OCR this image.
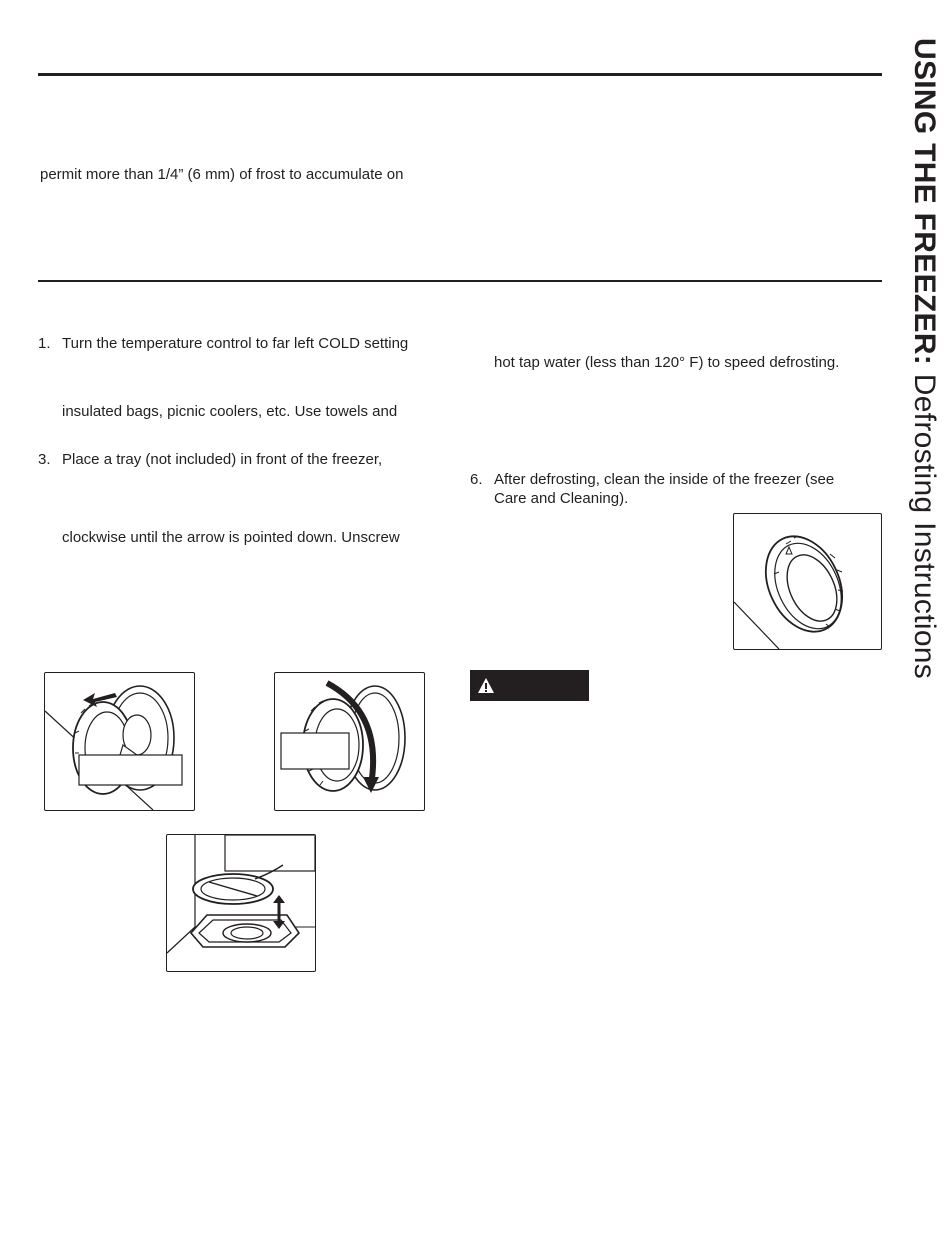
USING THE FREEZER: Defrosting Instructions
permit more than 1/4” (6 mm) of frost to accumulate on
1. Turn the temperature control to far left COLD setting
insulated bags, picnic coolers, etc. Use towels and
3. Place a tray (not included) in front of the freezer,
clockwise until the arrow is pointed down. Unscrew
hot tap water (less than 120° F) to speed defrosting.
6. After defrosting, clean the inside of the freezer (see
Care and Cleaning).
